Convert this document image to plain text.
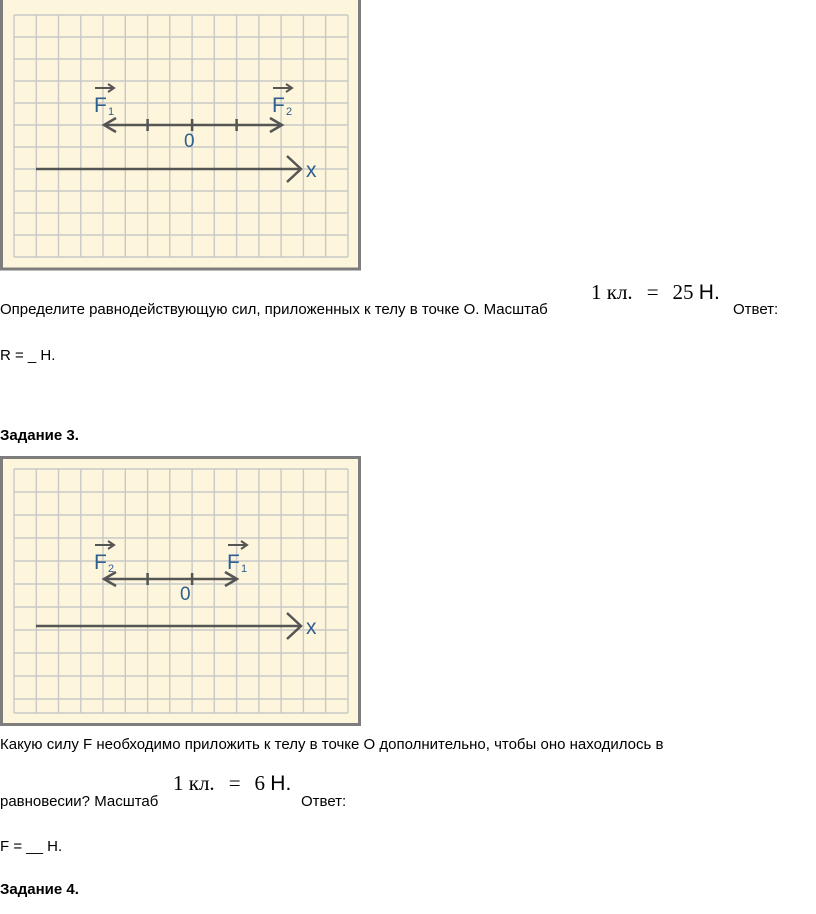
0
x
F 1	F 2
Определите равнодействующую сил, приложенных к телу в точке О. Масштаб
1 кл. = 25 Н.
Ответ:
R = _ Н.
Задание 3.
0
x
F 2	F 1
Какую силу F необходимо приложить к телу в точке О дополнительно, чтобы оно находилось в
равновесии? Масштаб
1 кл. = 6 Н.
Ответ:
F = __ Н.
Задание 4.
